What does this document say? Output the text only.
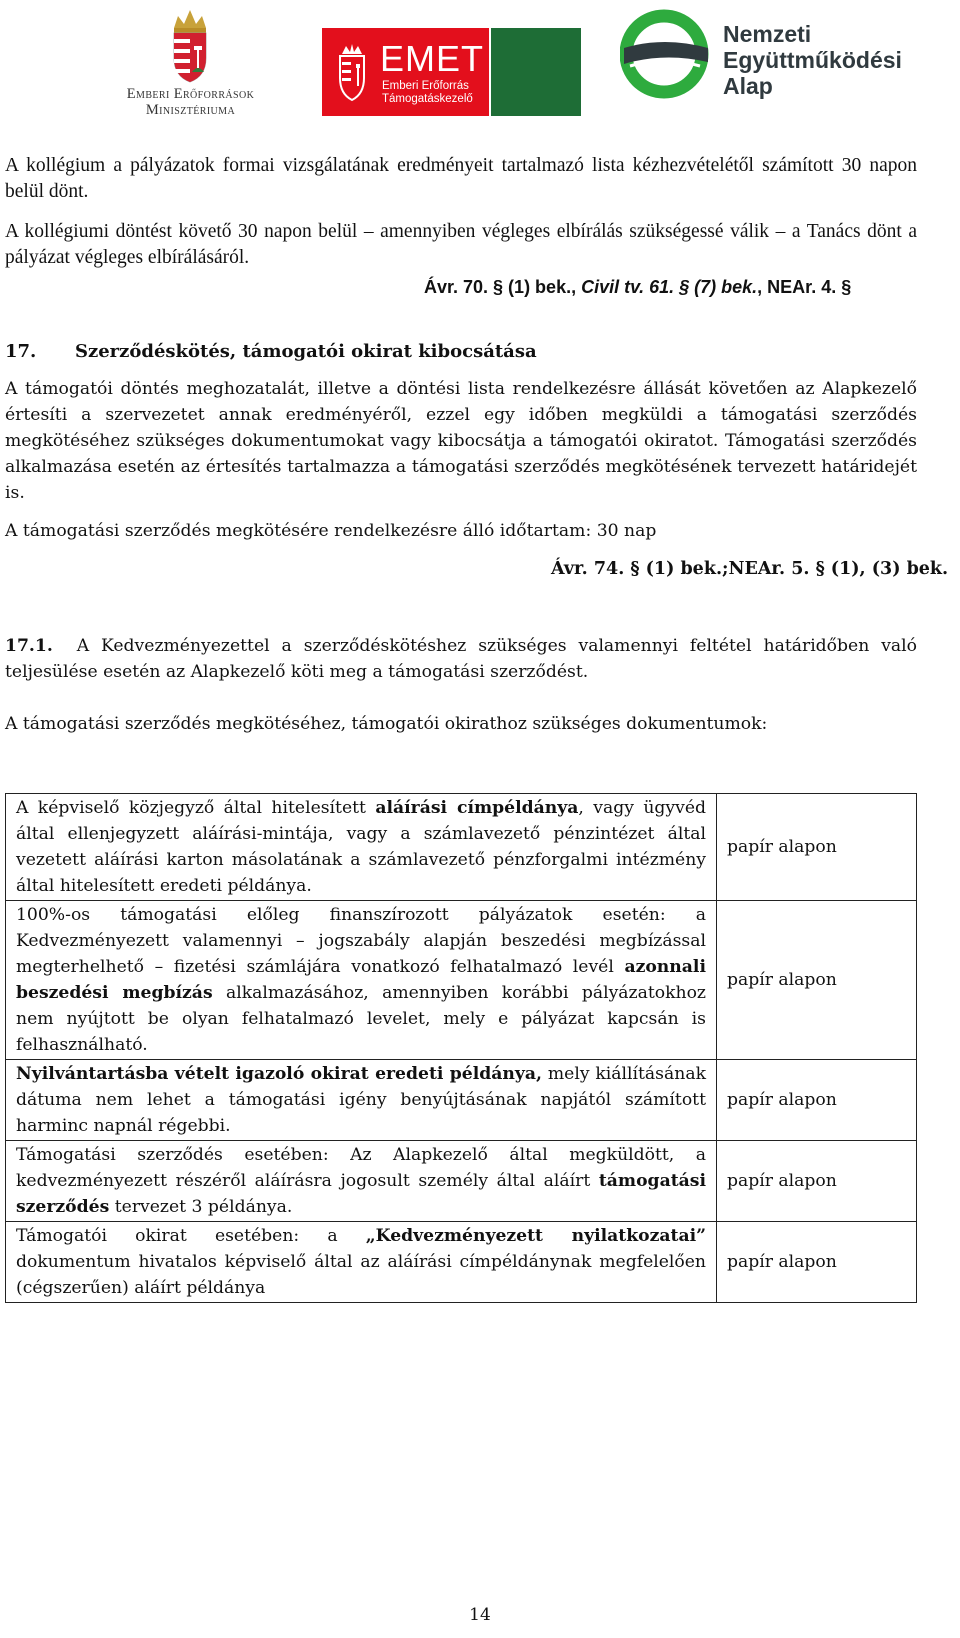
Emberi Erőforrások
Minisztériuma
EMET
Emberi Erőforrás
Támogatáskezelő
Nemzeti
Együttműködési
Alap
A kollégium a pályázatok formai vizsgálatának eredményeit tartalmazó lista kézhezvételétől számított 30 napon belül dönt.
A kollégiumi döntést követő 30 napon belül – amennyiben végleges elbírálás szükségessé válik – a Tanács dönt a pályázat végleges elbírálásáról.
Ávr. 70. § (1) bek., Civil tv. 61. § (7) bek., NEAr. 4. §
17. Szerződéskötés, támogatói okirat kibocsátása
A támogatói döntés meghozatalát, illetve a döntési lista rendelkezésre állását követően az Alapkezelő értesíti a szervezetet annak eredményéről, ezzel egy időben megküldi a támogatási szerződés megkötéséhez szükséges dokumentumokat vagy kibocsátja a támogatói okiratot. Támogatási szerződés alkalmazása esetén az értesítés tartalmazza a támogatási szerződés megkötésének tervezett határidejét is.
A támogatási szerződés megkötésére rendelkezésre álló időtartam: 30 nap
Ávr. 74. § (1) bek.;NEAr. 5. § (1), (3) bek.
17.1. A Kedvezményezettel a szerződéskötéshez szükséges valamennyi feltétel határidőben való teljesülése esetén az Alapkezelő köti meg a támogatási szerződést.
A támogatási szerződés megkötéséhez, támogatói okirathoz szükséges dokumentumok:
A képviselő közjegyző által hitelesített aláírási címpéldánya, vagy ügyvéd által ellenjegyzett aláírási-mintája, vagy a számlavezető pénzintézet által vezetett aláírási karton másolatának a számlavezető pénzforgalmi intézmény által hitelesített eredeti példánya.	papír alapon
100%-os támogatási előleg finanszírozott pályázatok esetén: a Kedvezményezett valamennyi – jogszabály alapján beszedési megbízással megterhelhető – fizetési számlájára vonatkozó felhatalmazó levél azonnali beszedési megbízás alkalmazásához, amennyiben korábbi pályázatokhoz nem nyújtott be olyan felhatalmazó levelet, mely e pályázat kapcsán is felhasználható.	papír alapon
Nyilvántartásba vételt igazoló okirat eredeti példánya, mely kiállításának dátuma nem lehet a támogatási igény benyújtásának napjától számított harminc napnál régebbi.	papír alapon
Támogatási szerződés esetében: Az Alapkezelő által megküldött, a kedvezményezett részéről aláírásra jogosult személy által aláírt támogatási szerződés tervezet 3 példánya.	papír alapon
Támogatói okirat esetében: a „Kedvezményezett nyilatkozatai” dokumentum hivatalos képviselő által az aláírási címpéldánynak megfelelően (cégszerűen) aláírt példánya	papír alapon
14
